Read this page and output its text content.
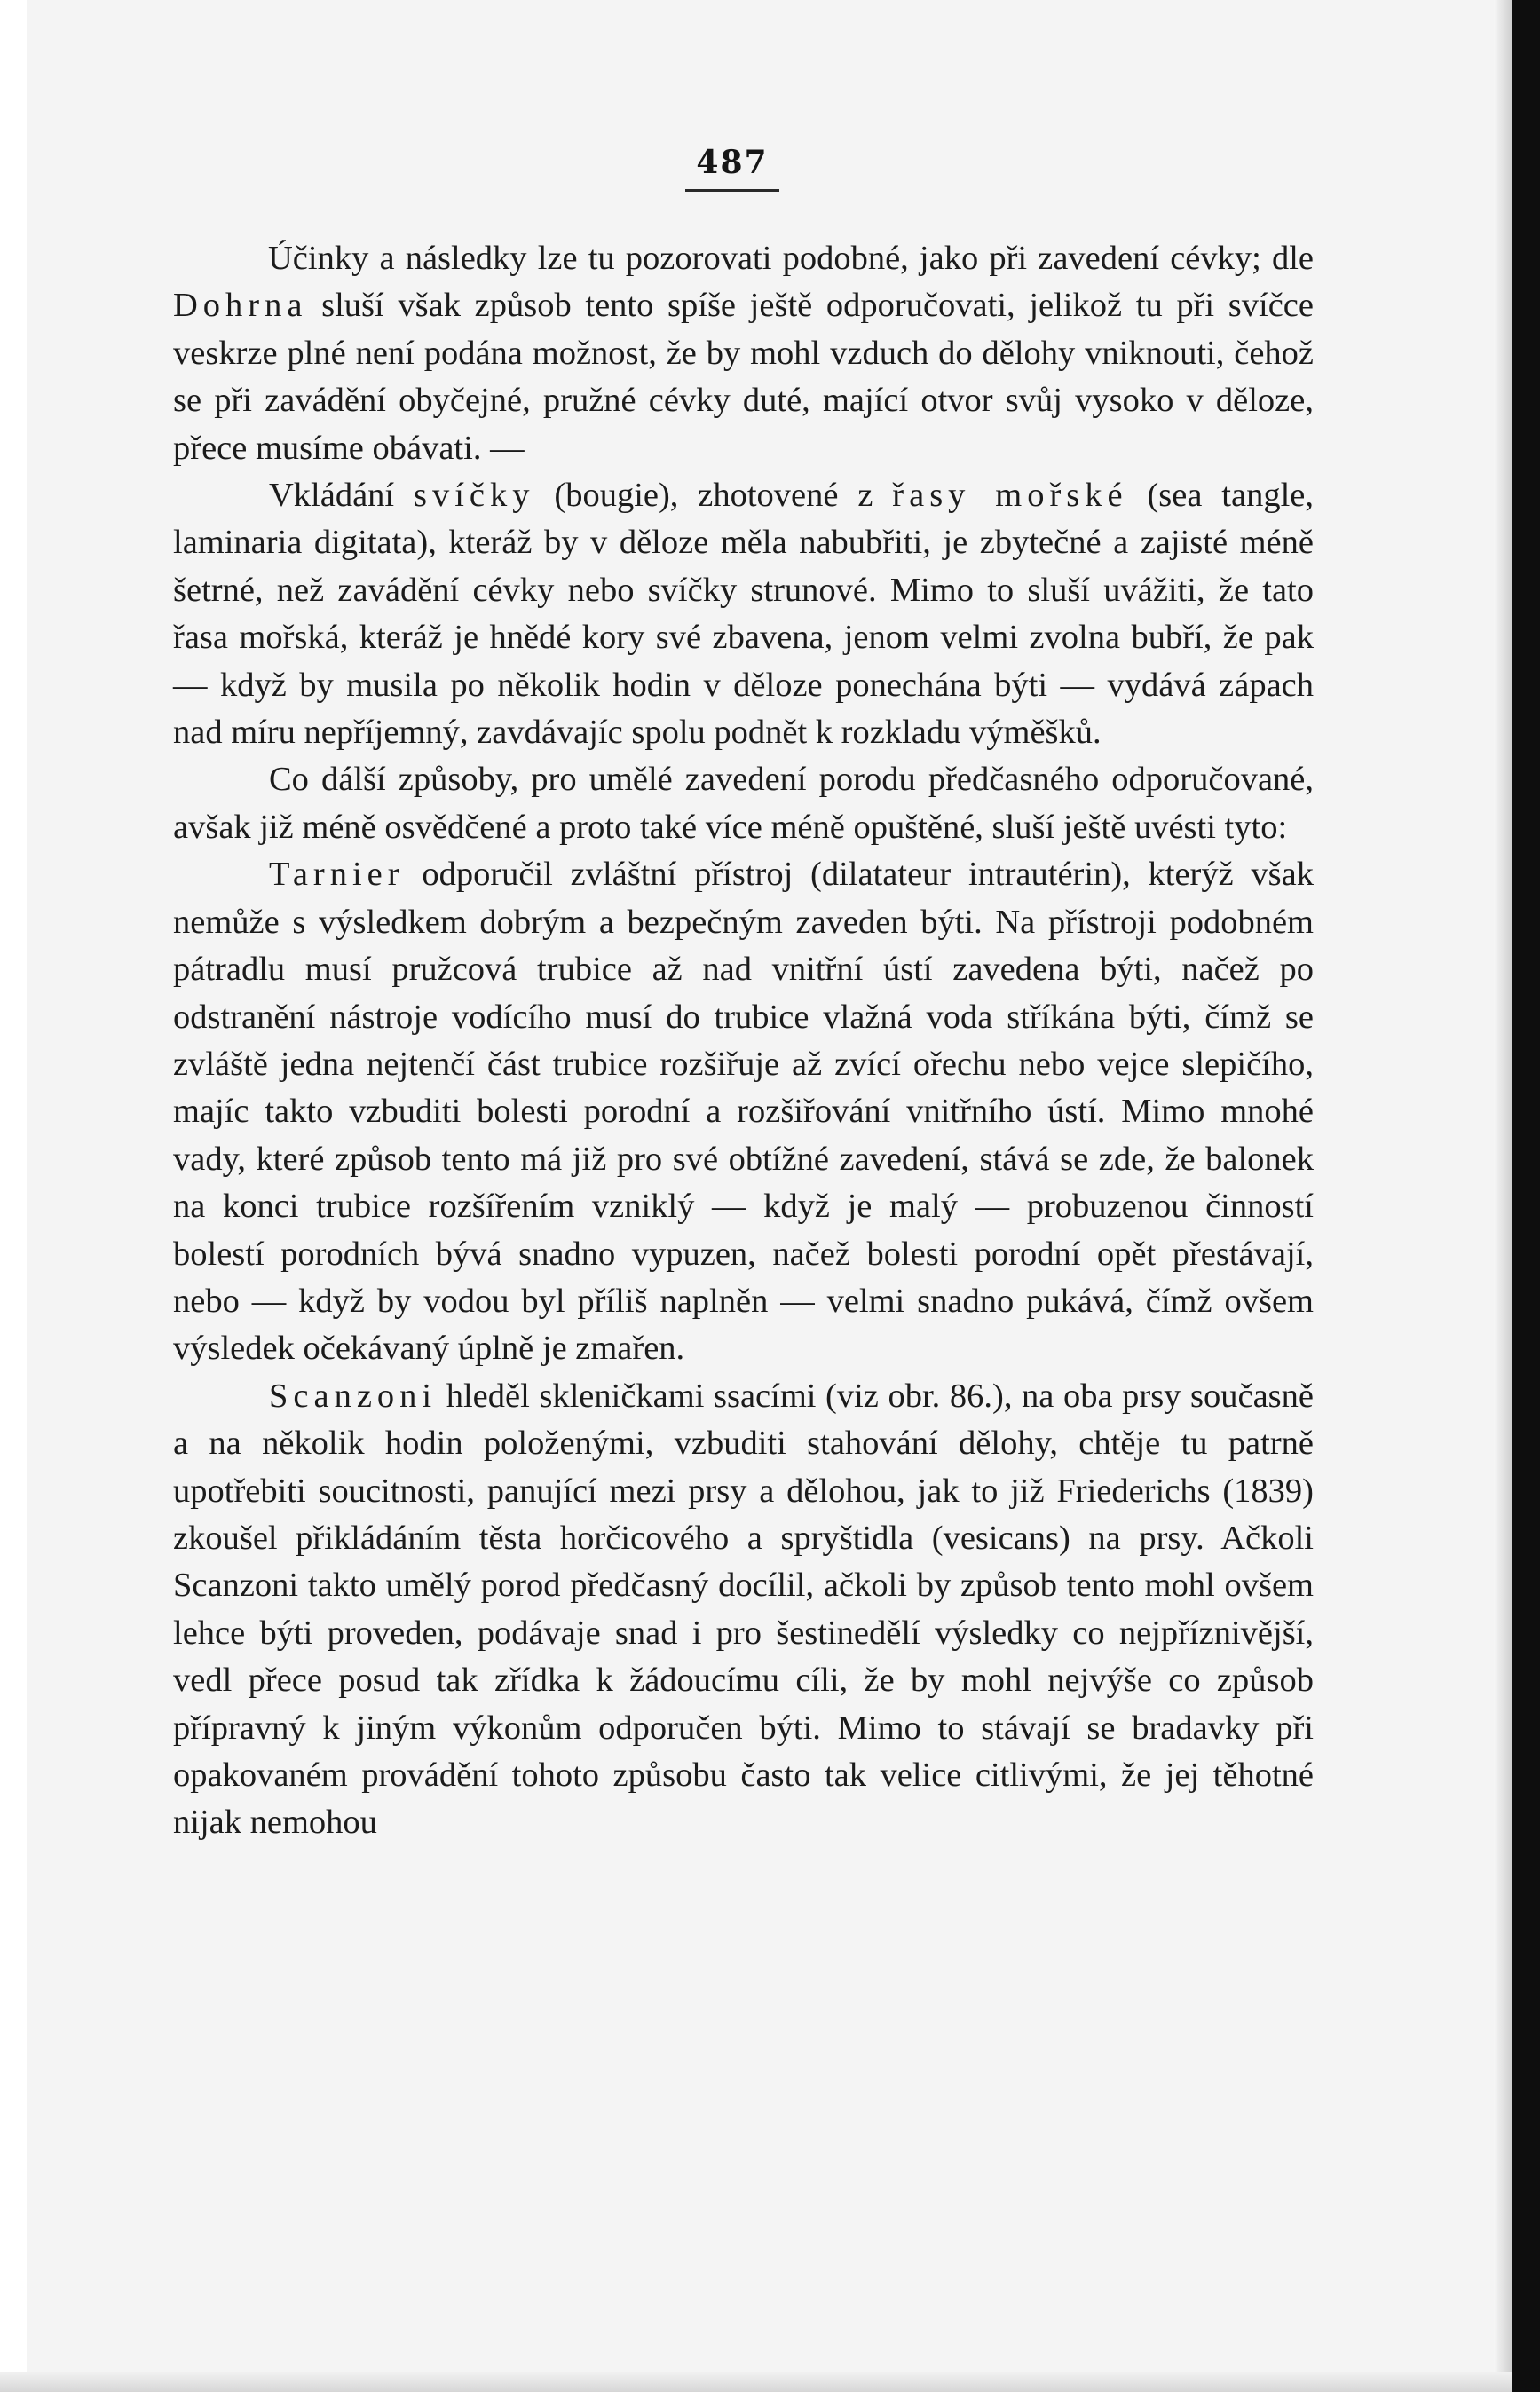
487

Účinky a následky lze tu pozorovati podobné, jako při zavedení cévky; dle Dohrna sluší však způsob tento spíše ještě odporučovati, jelikož tu při svíčce veskrze plné není podána možnost, že by mohl vzduch do dělohy vniknouti, čehož se při zavádění obyčejné, pružné cévky duté, mající otvor svůj vysoko v děloze, přece musíme obávati. —

Vkládání svíčky (bougie), zhotovené z řasy mořské (sea tangle, laminaria digitata), kteráž by v děloze měla nabubřiti, je zbytečné a zajisté méně šetrné, než zavádění cévky nebo svíčky strunové. Mimo to sluší uvážiti, že tato řasa mořská, kteráž je hnědé kory své zbavena, jenom velmi zvolna bubří, že pak — když by musila po několik hodin v děloze ponechána býti — vydává zápach nad míru nepříjemný, zavdávajíc spolu podnět k rozkladu výměšků.

Co dálší způsoby, pro umělé zavedení porodu předčasného odporučované, avšak již méně osvědčené a proto také více méně opuštěné, sluší ještě uvésti tyto:

Tarnier odporučil zvláštní přístroj (dilatateur intrautérin), kterýž však nemůže s výsledkem dobrým a bezpečným zaveden býti. Na přístroji podobném pátradlu musí pružcová trubice až nad vnitřní ústí zavedena býti, načež po odstranění nástroje vodícího musí do trubice vlažná voda stříkána býti, čímž se zvláště jedna nejtenčí část trubice rozšiřuje až zvící ořechu nebo vejce slepičího, majíc takto vzbuditi bolesti porodní a rozšiřování vnitřního ústí. Mimo mnohé vady, které způsob tento má již pro své obtížné zavedení, stává se zde, že balonek na konci trubice rozšířením vzniklý — když je malý — probuzenou činností bolestí porodních bývá snadno vypuzen, načež bolesti porodní opět přestávají, nebo — když by vodou byl příliš naplněn — velmi snadno pukává, čímž ovšem výsledek očekávaný úplně je zmařen.

Scanzoni hleděl skleničkami ssacími (viz obr. 86.), na oba prsy současně a na několik hodin položenými, vzbuditi stahování dělohy, chtěje tu patrně upotřebiti soucitnosti, panující mezi prsy a dělohou, jak to již Friederichs (1839) zkoušel přikládáním těsta horčicového a spryštidla (vesicans) na prsy. Ačkoli Scanzoni takto umělý porod předčasný docílil, ačkoli by způsob tento mohl ovšem lehce býti proveden, podávaje snad i pro šestinedělí výsledky co nejpříznivější, vedl přece posud tak zřídka k žádoucímu cíli, že by mohl nejvýše co způsob přípravný k jiným výkonům odporučen býti. Mimo to stávají se bradavky při opakovaném provádění tohoto způsobu často tak velice citlivými, že jej těhotné nijak nemohou
